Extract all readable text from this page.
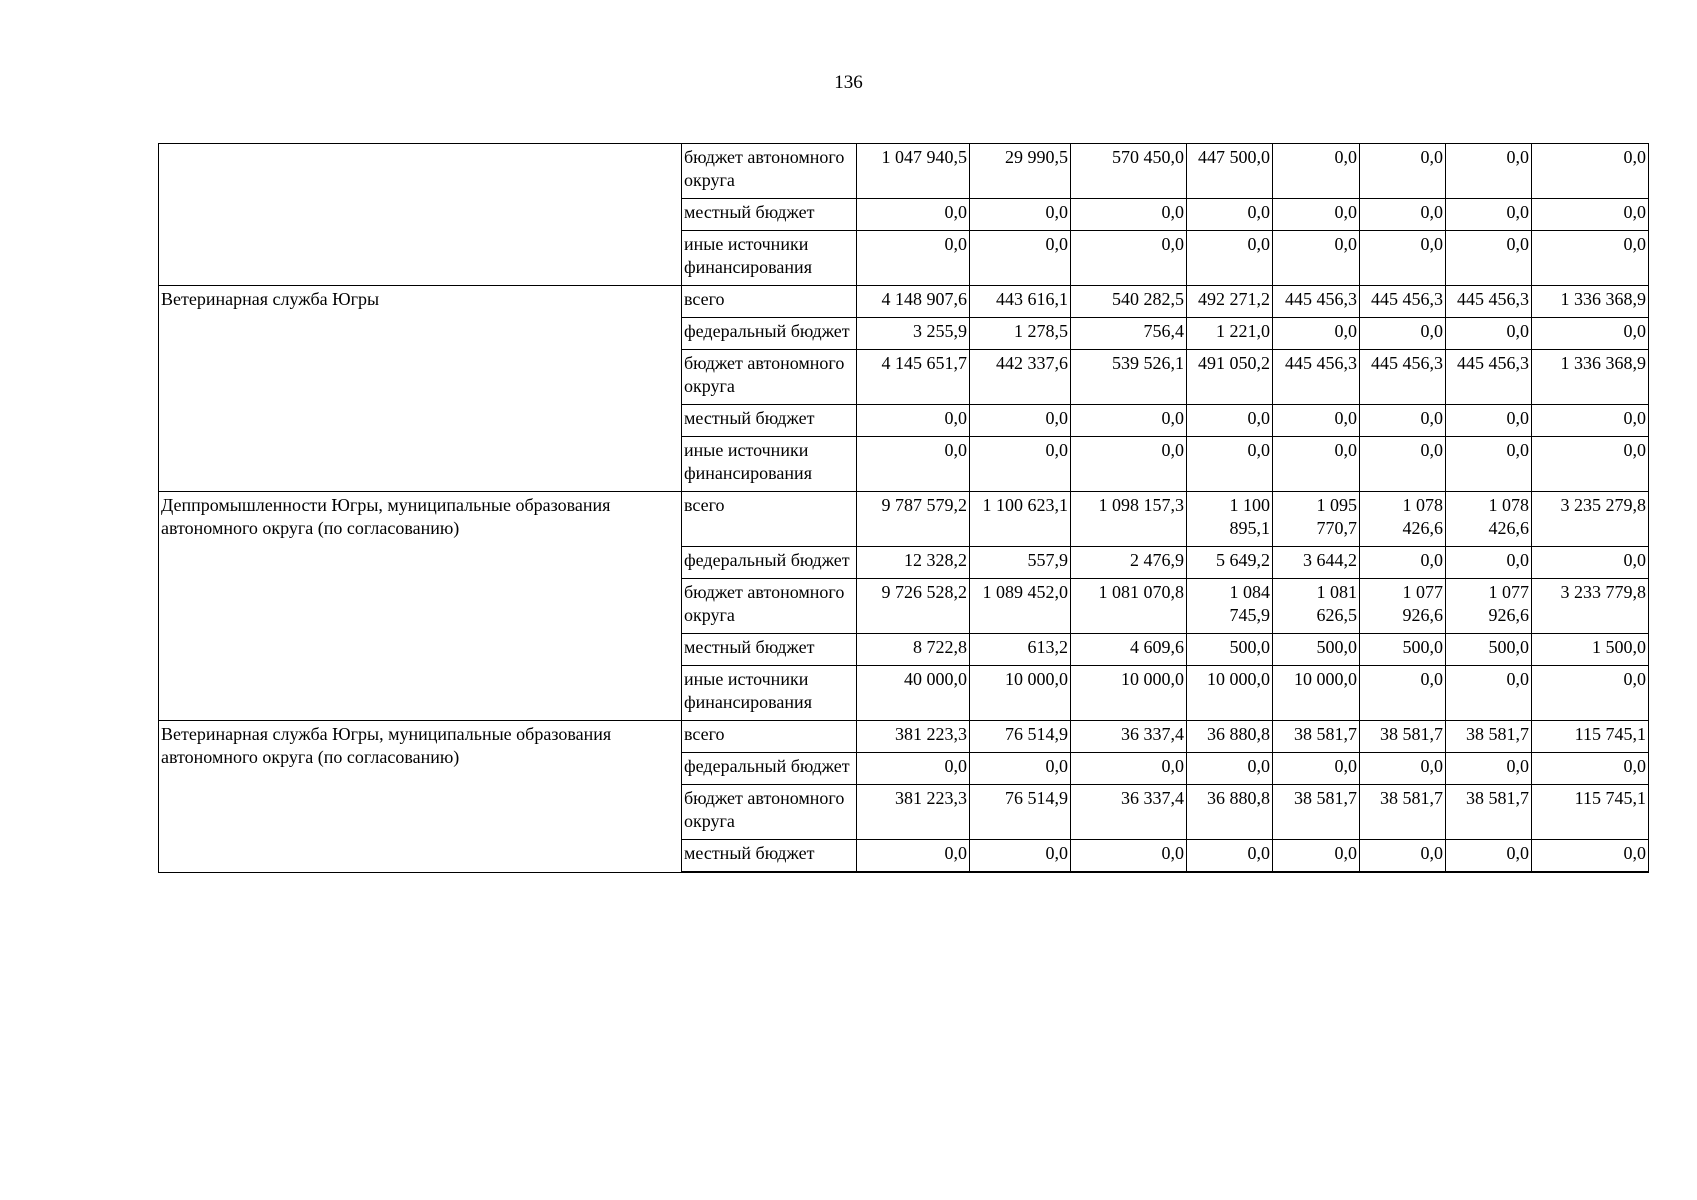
136
	бюджет автономного округа	1 047 940,5	29 990,5	570 450,0	447 500,0	0,0	0,0	0,0	0,0
	местный бюджет	0,0	0,0	0,0	0,0	0,0	0,0	0,0	0,0
	иные источники финансирования	0,0	0,0	0,0	0,0	0,0	0,0	0,0	0,0
Ветеринарная служба Югры	всего	4 148 907,6	443 616,1	540 282,5	492 271,2	445 456,3	445 456,3	445 456,3	1 336 368,9
	федеральный бюджет	3 255,9	1 278,5	756,4	1 221,0	0,0	0,0	0,0	0,0
	бюджет автономного округа	4 145 651,7	442 337,6	539 526,1	491 050,2	445 456,3	445 456,3	445 456,3	1 336 368,9
	местный бюджет	0,0	0,0	0,0	0,0	0,0	0,0	0,0	0,0
	иные источники финансирования	0,0	0,0	0,0	0,0	0,0	0,0	0,0	0,0
Деппромышленности Югры, муниципальные образования автономного округа (по согласованию)	всего	9 787 579,2	1 100 623,1	1 098 157,3	1 100 895,1	1 095 770,7	1 078 426,6	1 078 426,6	3 235 279,8
	федеральный бюджет	12 328,2	557,9	2 476,9	5 649,2	3 644,2	0,0	0,0	0,0
	бюджет автономного округа	9 726 528,2	1 089 452,0	1 081 070,8	1 084 745,9	1 081 626,5	1 077 926,6	1 077 926,6	3 233 779,8
	местный бюджет	8 722,8	613,2	4 609,6	500,0	500,0	500,0	500,0	1 500,0
	иные источники финансирования	40 000,0	10 000,0	10 000,0	10 000,0	10 000,0	0,0	0,0	0,0
Ветеринарная служба Югры, муниципальные образования автономного округа (по согласованию)	всего	381 223,3	76 514,9	36 337,4	36 880,8	38 581,7	38 581,7	38 581,7	115 745,1
	федеральный бюджет	0,0	0,0	0,0	0,0	0,0	0,0	0,0	0,0
	бюджет автономного округа	381 223,3	76 514,9	36 337,4	36 880,8	38 581,7	38 581,7	38 581,7	115 745,1
	местный бюджет	0,0	0,0	0,0	0,0	0,0	0,0	0,0	0,0
